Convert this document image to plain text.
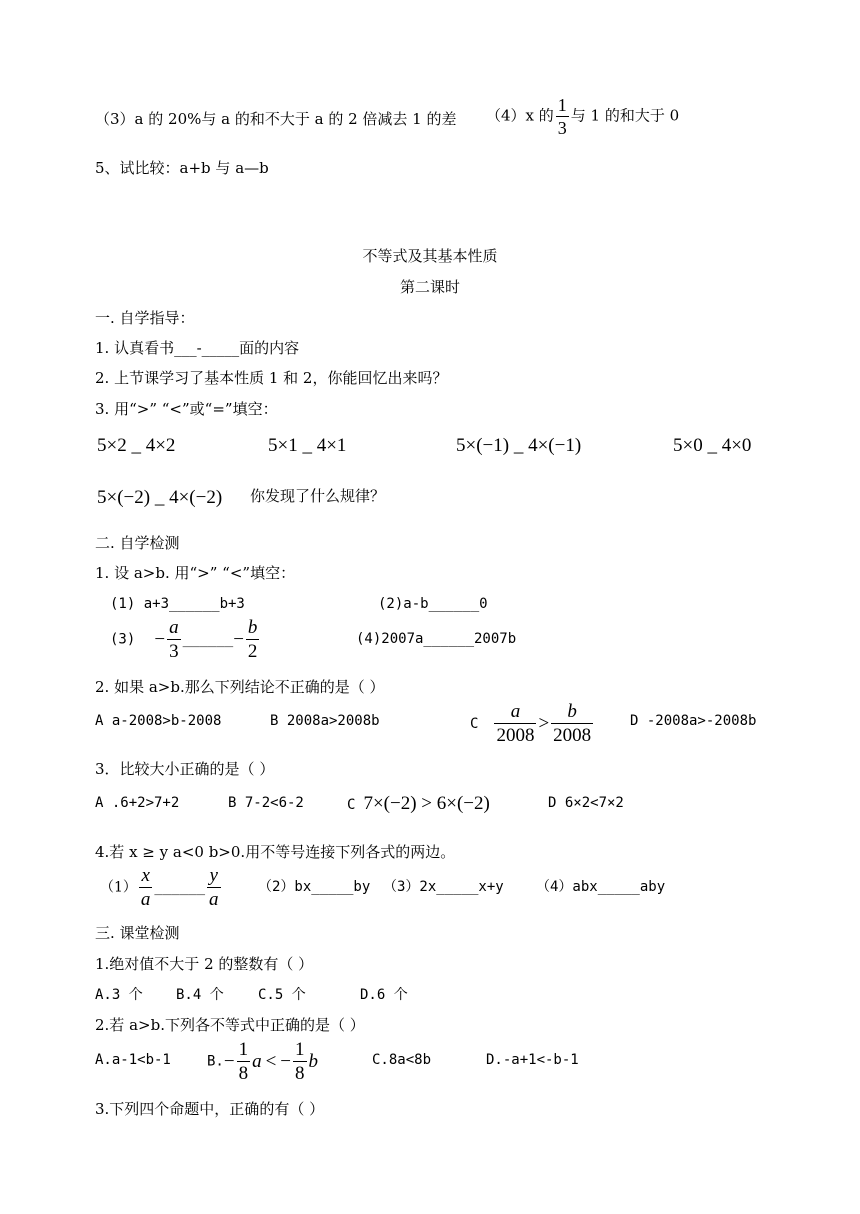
（3）a 的 20%与 a 的和不大于 a 的 2 倍减去 1 的差 （4）x 的 $\frac{1}{3}$ 与 1 的和大于 0
5、试比较：a+b 与 a—b
不等式及其基本性质
第二课时
一. 自学指导：
1. 认真看书___-_____面的内容
2. 上节课学习了基本性质 1 和 2，你能回忆出来吗？
3. 用“>” “<”或“=”填空：
5×2 _ 4×2	5×1 _ 4×1	5×(−1) _ 4×(−1)	5×0 _ 4×0
5×(−2) _ 4×(−2) 你发现了什么规律？
二. 自学检测
1. 设 a>b. 用“>” “<”填空：
(1) a+3______b+3	(2)a-b______0
$(3) - \frac{a}{3}$ ______− $\frac{b}{2}$	(4)2007a______2007b
2. 如果 a>b.那么下列结论不正确的是（ ）
A a-2008>b-2008	B 2008a>2008b	C $\frac{a}{2008} > \frac{b}{2008}$	D -2008a>-2008b
3．比较大小正确的是（ ）
A .6+2>7+2	B 7-2<6-2	C 7×(−2) > 6×(−2)	D 6×2<7×2
4.若 x ≥ y a<0 b>0.用不等号连接下列各式的两边。
$(1) \frac{x}{a}$ ______ $\frac{y}{a}$	（2）bx_____by （3）2x_____x+y （4）abx_____aby
三. 课堂检测
1.绝对值不大于 2 的整数有（ ）
A.3 个 B.4 个 C.5 个	D.6 个
2.若 a>b.下列各不等式中正确的是（ ）
A.a-1<b-1	$B.- \frac{1}{8}$ a < − $\frac{1}{8}$ b	C.8a<8b	D.-a+1<-b-1
3.下列四个命题中，正确的有（ ）
